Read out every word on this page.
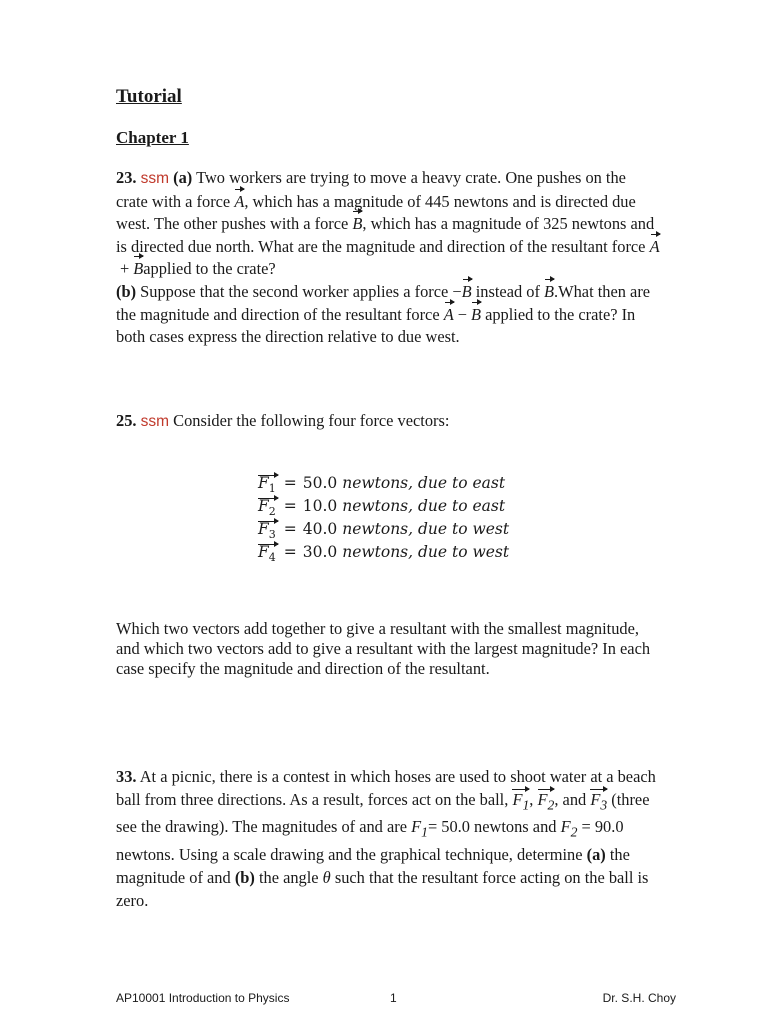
Tutorial
Chapter 1
23. ssm (a) Two workers are trying to move a heavy crate. One pushes on the crate with a force A, which has a magnitude of 445 newtons and is directed due west. The other pushes with a force B, which has a magnitude of 325 newtons and is directed due north. What are the magnitude and direction of the resultant force A+ Bapplied to the crate?
(b) Suppose that the second worker applies a force −B instead of B.What then are the magnitude and direction of the resultant force A − B applied to the crate? In both cases express the direction relative to due west.
25. ssm Consider the following four force vectors:
$F_1 = 50.0$ newtons, due to east
$F_2 = 10.0$ newtons, due to east
$F_3 = 40.0$ newtons, due to west
$F_4 = 30.0$ newtons, due to west
Which two vectors add together to give a resultant with the smallest magnitude, and which two vectors add to give a resultant with the largest magnitude? In each case specify the magnitude and direction of the resultant.
33. At a picnic, there is a contest in which hoses are used to shoot water at a beach ball from three directions. As a result, forces act on the ball, $F_1$, $F_2$, and $F_3$ (three see the drawing). The magnitudes of and are $F_1= 50.0$ newtons and $F_2 = 90.0$ newtons. Using a scale drawing and the graphical technique, determine (a) the magnitude of and (b) the angle θ such that the resultant force acting on the ball is zero.
AP10001 Introduction to Physics	1	Dr. S.H. Choy
